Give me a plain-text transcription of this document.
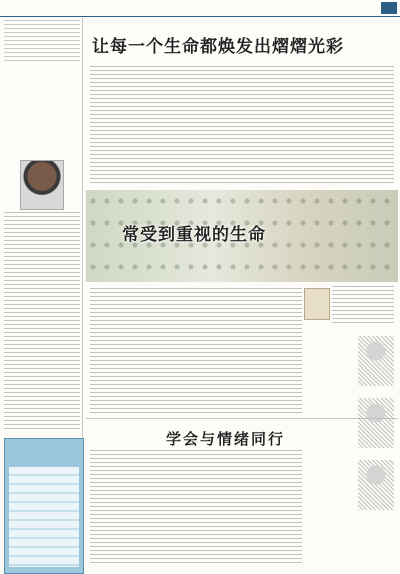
让每一个生命都焕发出熠熠光彩
常受到重视的生命
学会与情绪同行
